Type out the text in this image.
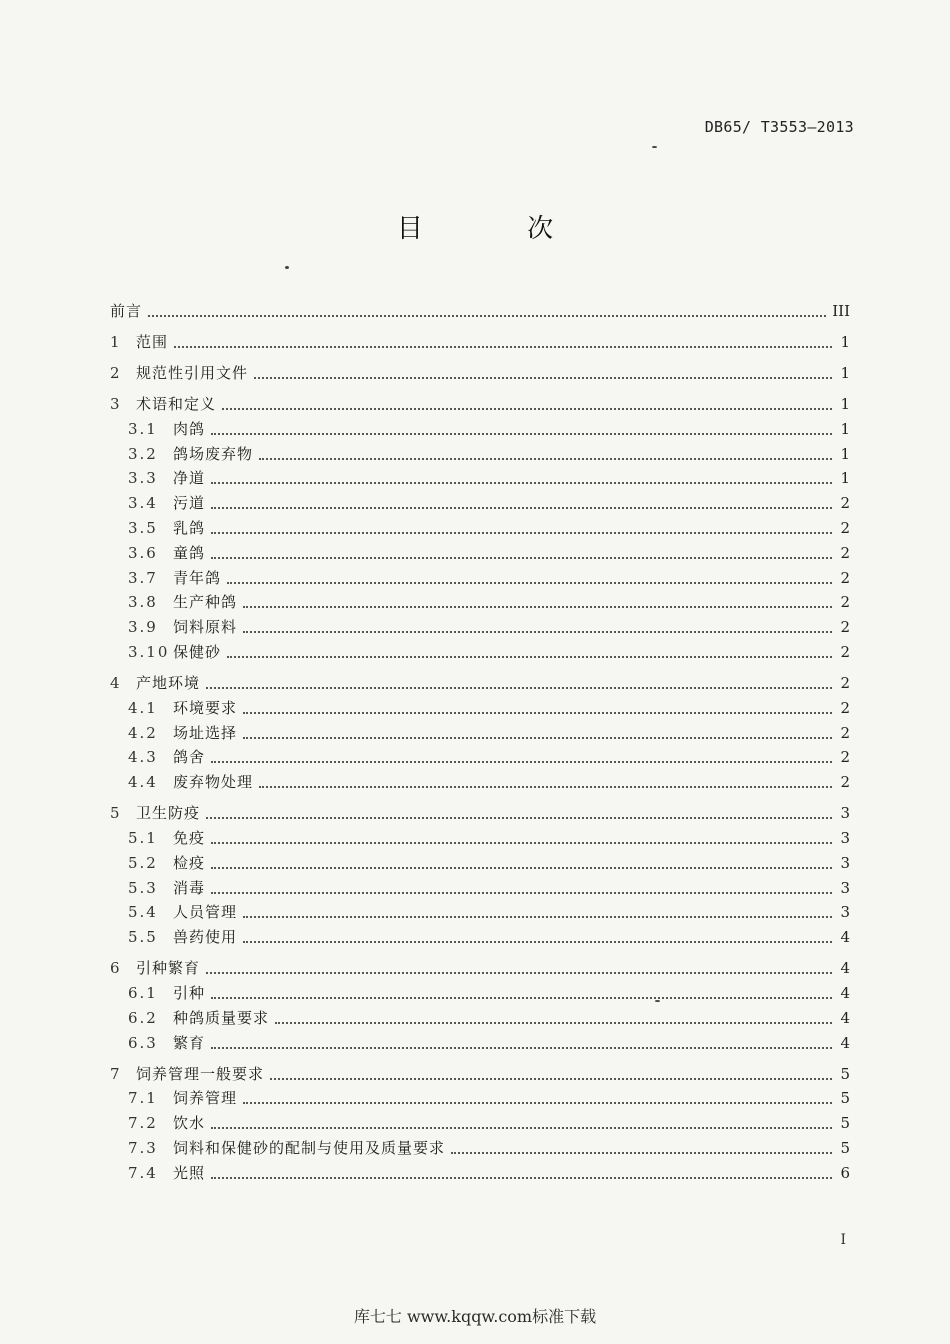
DB65/ T3553—2013
目 次
前言	III
1 范围	1
2 规范性引用文件	1
3 术语和定义	1
3.1	肉鸽	1
3.2	鸽场废弃物	1
3.3	净道	1
3.4	污道	2
3.5	乳鸽	2
3.6	童鸽	2
3.7	青年鸽	2
3.8	生产种鸽	2
3.9	饲料原料	2
3.10 保健砂	2
4 产地环境	2
4.1	环境要求	2
4.2	场址选择	2
4.3	鸽舍	2
4.4	废弃物处理	2
5 卫生防疫	3
5.1	免疫	3
5.2	检疫	3
5.3	消毒	3
5.4	人员管理	3
5.5	兽药使用	4
6 引种繁育	4
6.1	引种	4
6.2	种鸽质量要求	4
6.3	繁育	4
7 饲养管理一般要求	5
7.1	饲养管理	5
7.2	饮水	5
7.3	饲料和保健砂的配制与使用及质量要求	5
7.4	光照	6
I
库七七 www.kqqw.com标准下载
